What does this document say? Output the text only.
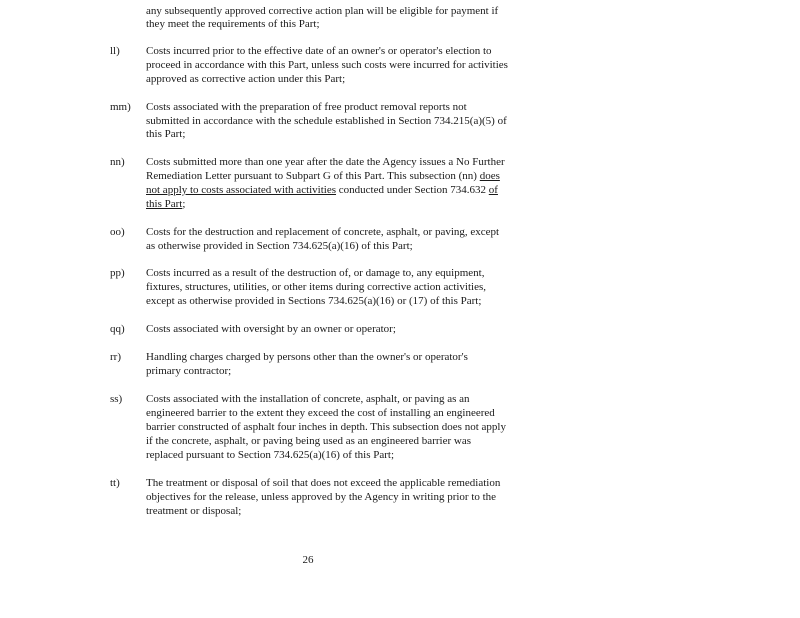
any subsequently approved corrective action plan will be eligible for payment if
they meet the requirements of this Part;
ll) Costs incurred prior to the effective date of an owner's or operator's election to
proceed in accordance with this Part, unless such costs were incurred for activities
approved as corrective action under this Part;
mm) Costs associated with the preparation of free product removal reports not
submitted in accordance with the schedule established in Section 734.215(a)(5) of
this Part;
nn) Costs submitted more than one year after the date the Agency issues a No Further
Remediation Letter pursuant to Subpart G of this Part. This subsection (nn) does
not apply to costs associated with activities conducted under Section 734.632 of
this Part;
oo) Costs for the destruction and replacement of concrete, asphalt, or paving, except
as otherwise provided in Section 734.625(a)(16) of this Part;
pp) Costs incurred as a result of the destruction of, or damage to, any equipment,
fixtures, structures, utilities, or other items during corrective action activities,
except as otherwise provided in Sections 734.625(a)(16) or (17) of this Part;
qq) Costs associated with oversight by an owner or operator;
rr) Handling charges charged by persons other than the owner's or operator's
primary contractor;
ss) Costs associated with the installation of concrete, asphalt, or paving as an
engineered barrier to the extent they exceed the cost of installing an engineered
barrier constructed of asphalt four inches in depth. This subsection does not apply
if the concrete, asphalt, or paving being used as an engineered barrier was
replaced pursuant to Section 734.625(a)(16) of this Part;
tt) The treatment or disposal of soil that does not exceed the applicable remediation
objectives for the release, unless approved by the Agency in writing prior to the
treatment or disposal;
26
